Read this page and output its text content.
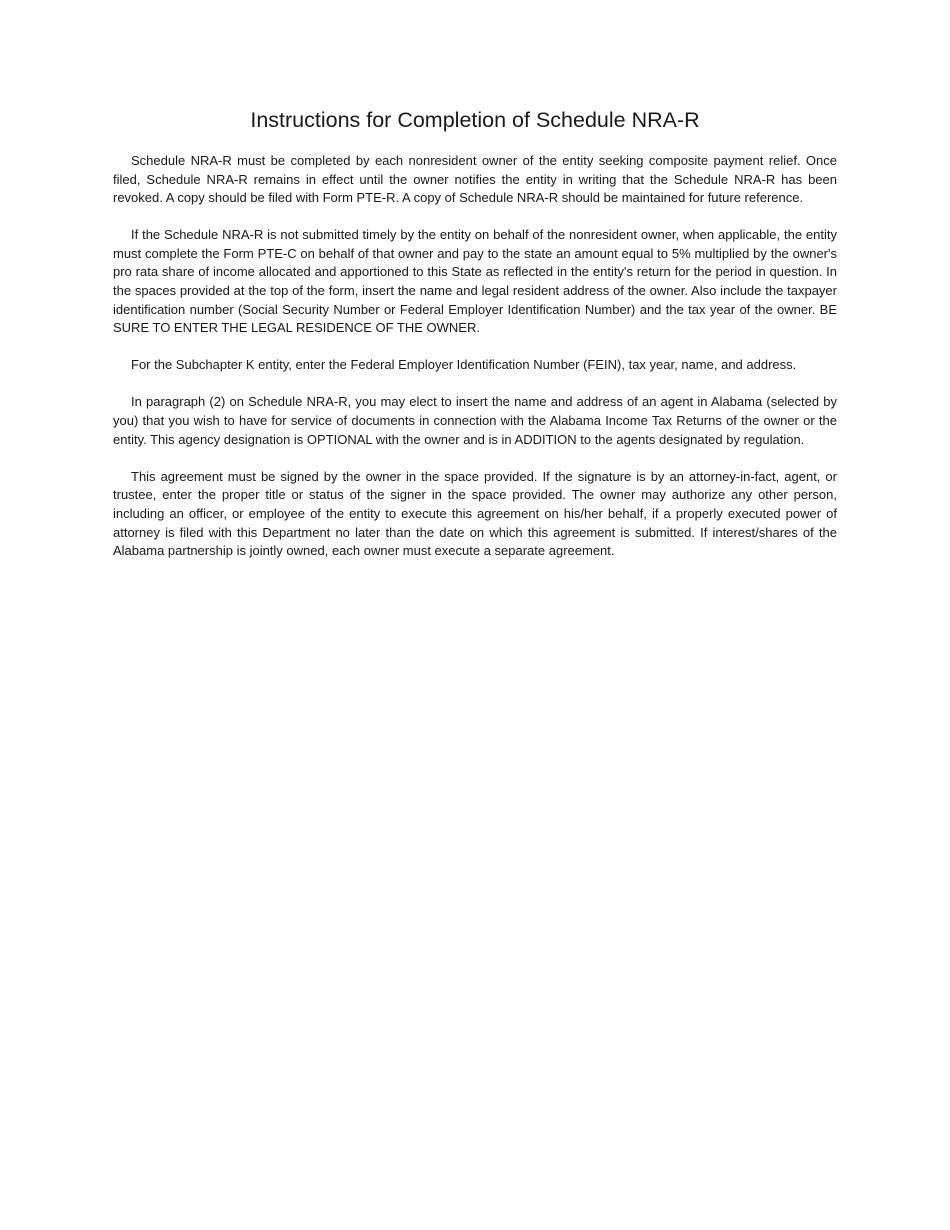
Instructions for Completion of Schedule NRA-R

Schedule NRA-R must be completed by each nonresident owner of the entity seeking composite payment relief. Once filed, Schedule NRA-R remains in effect until the owner notifies the entity in writing that the Schedule NRA-R has been revoked. A copy should be filed with Form PTE-R. A copy of Schedule NRA-R should be maintained for future reference.

If the Schedule NRA-R is not submitted timely by the entity on behalf of the nonresident owner, when applicable, the entity must complete the Form PTE-C on behalf of that owner and pay to the state an amount equal to 5% multiplied by the owner's pro rata share of income allocated and apportioned to this State as reflected in the entity's return for the period in question. In the spaces provided at the top of the form, insert the name and legal resident address of the owner. Also include the taxpayer identification number (Social Security Number or Federal Employer Identification Number) and the tax year of the owner. BE SURE TO ENTER THE LEGAL RESIDENCE OF THE OWNER.

For the Subchapter K entity, enter the Federal Employer Identification Number (FEIN), tax year, name, and address.

In paragraph (2) on Schedule NRA-R, you may elect to insert the name and address of an agent in Alabama (selected by you) that you wish to have for service of documents in connection with the Alabama Income Tax Returns of the owner or the entity. This agency designation is OPTIONAL with the owner and is in ADDITION to the agents designated by regulation.

This agreement must be signed by the owner in the space provided. If the signature is by an attorney-in-fact, agent, or trustee, enter the proper title or status of the signer in the space provided. The owner may authorize any other person, including an officer, or employee of the entity to execute this agreement on his/her behalf, if a properly executed power of attorney is filed with this Department no later than the date on which this agreement is submitted. If interest/shares of the Alabama partnership is jointly owned, each owner must execute a separate agreement.
